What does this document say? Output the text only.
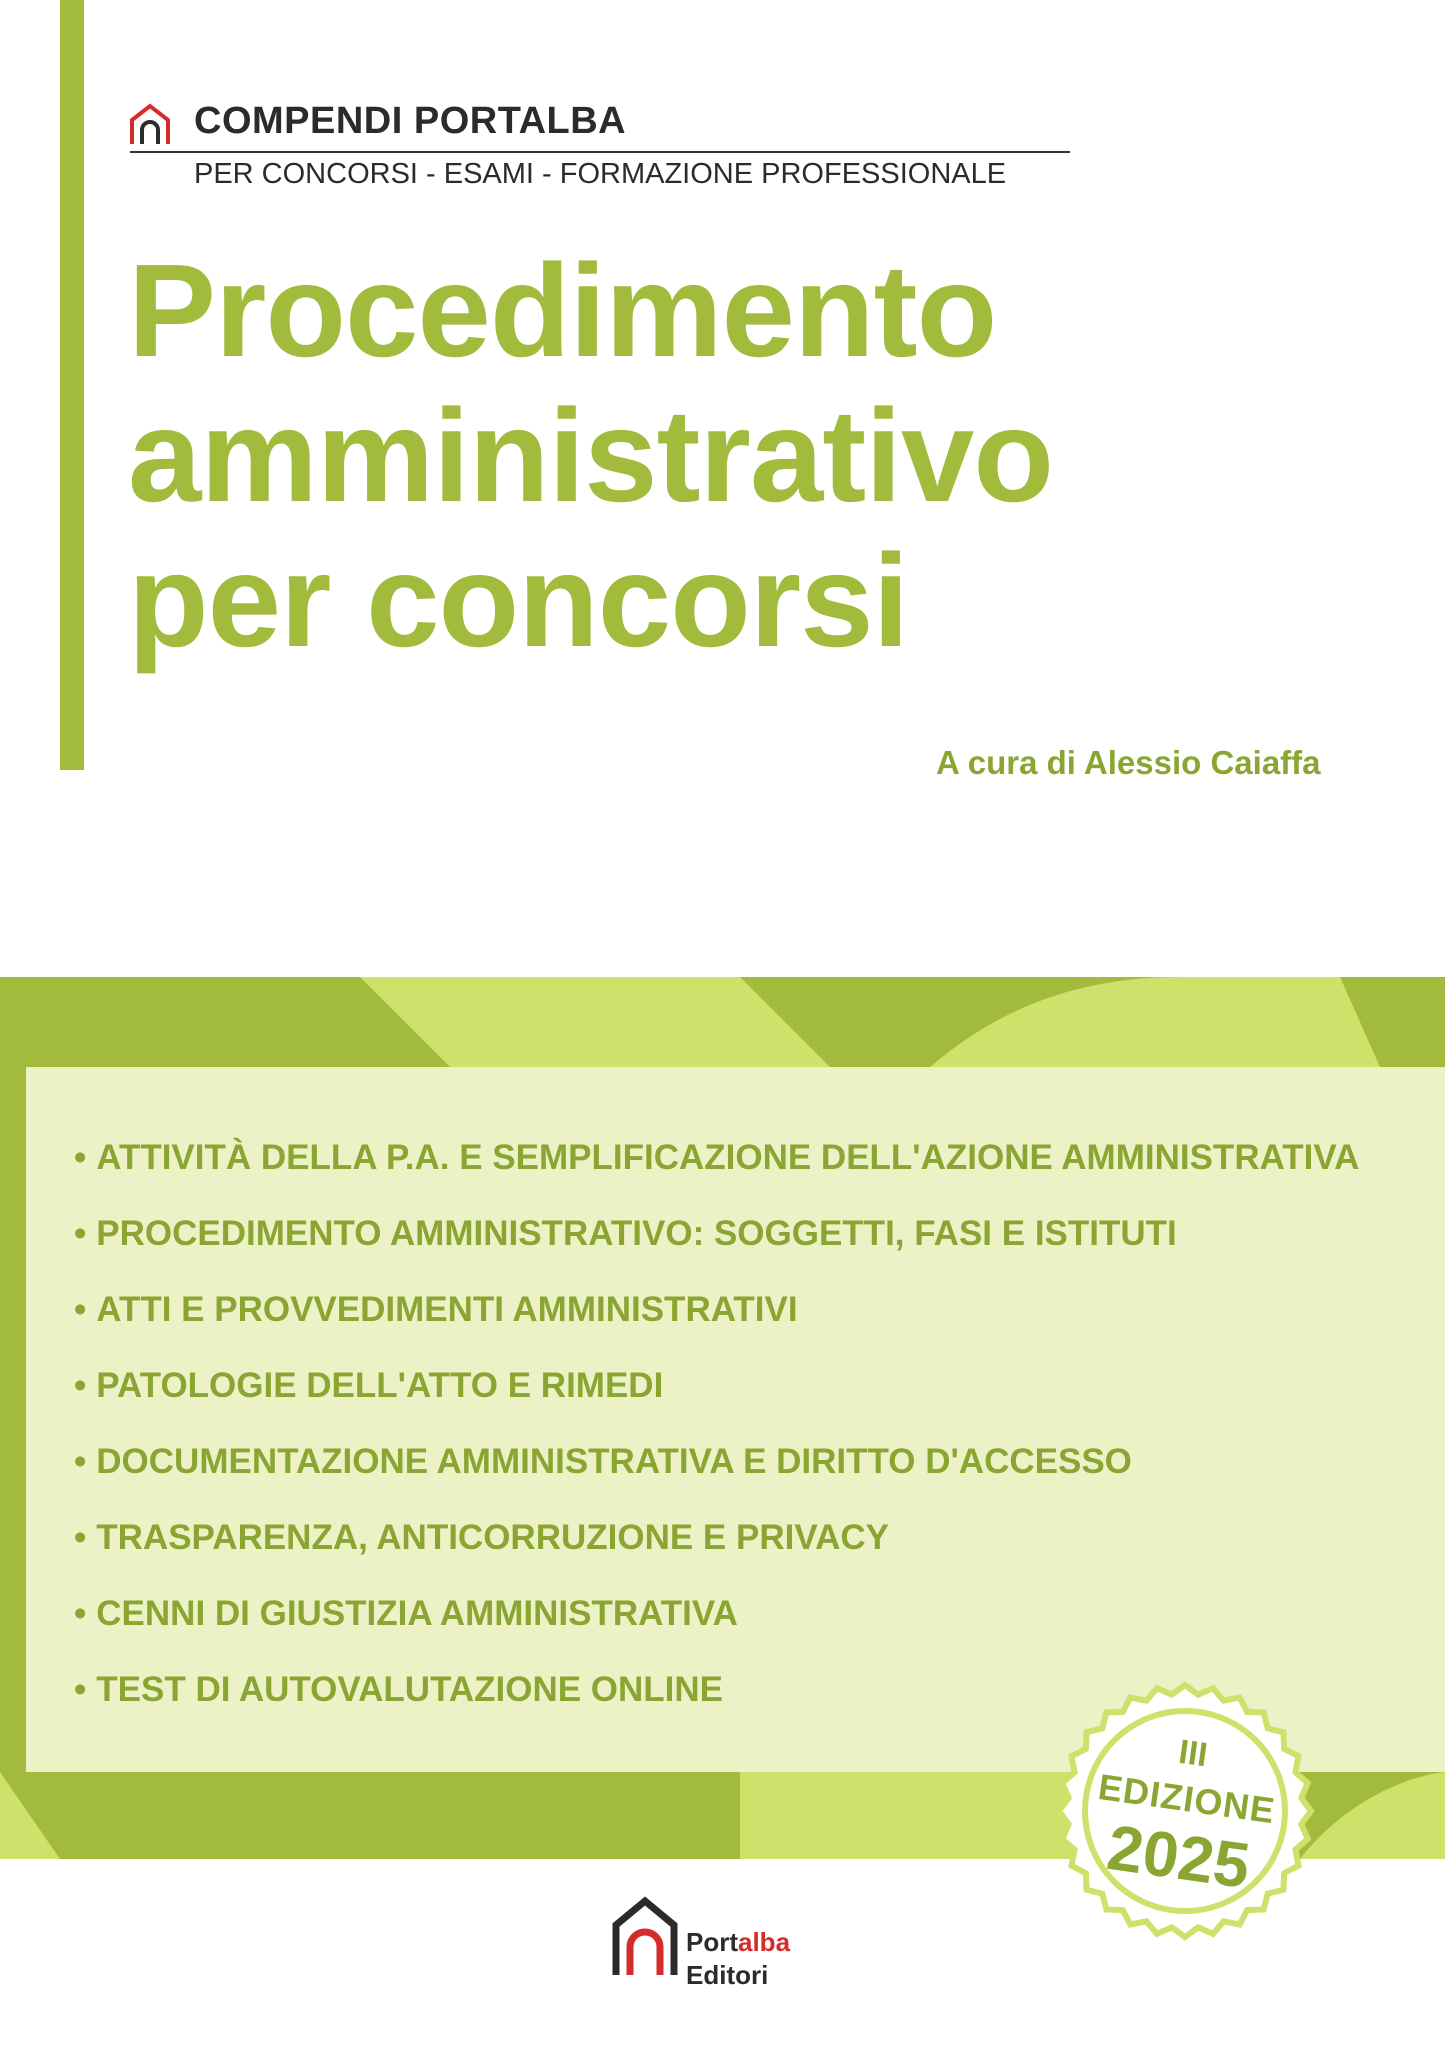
COMPENDI PORTALBA
PER CONCORSI - ESAMI - FORMAZIONE PROFESSIONALE
Procedimento
amministrativo
per concorsi
A cura di Alessio Caiaffa
• ATTIVITÀ DELLA P.A. E SEMPLIFICAZIONE DELL'AZIONE AMMINISTRATIVA
• PROCEDIMENTO AMMINISTRATIVO: SOGGETTI, FASI E ISTITUTI
• ATTI E PROVVEDIMENTI AMMINISTRATIVI
• PATOLOGIE DELL'ATTO E RIMEDI
• DOCUMENTAZIONE AMMINISTRATIVA E DIRITTO D'ACCESSO
• TRASPARENZA, ANTICORRUZIONE E PRIVACY
• CENNI DI GIUSTIZIA AMMINISTRATIVA
• TEST DI AUTOVALUTAZIONE ONLINE
III
EDIZIONE
2025
Portalba
Editori
